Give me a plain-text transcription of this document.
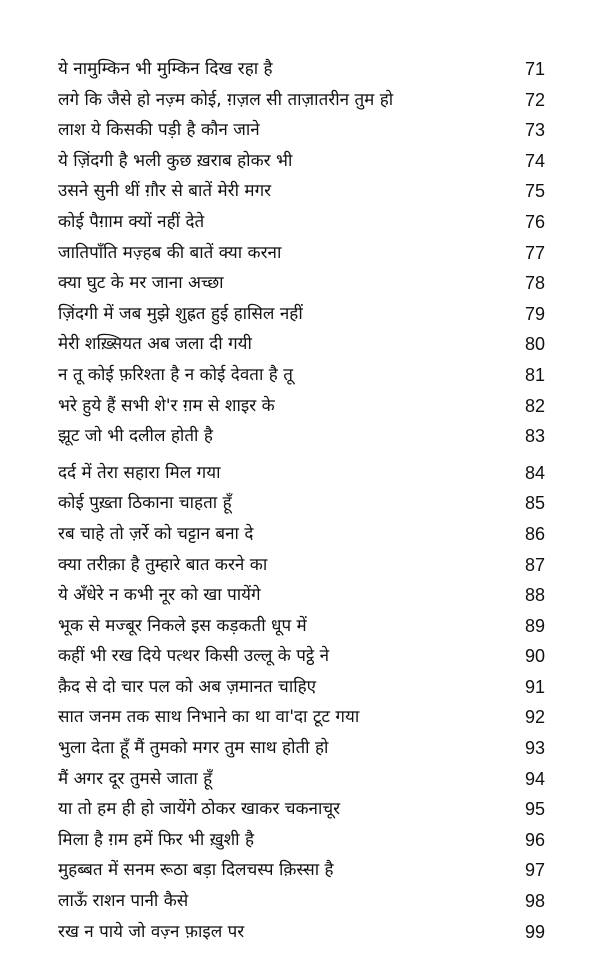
ये नामुम्किन भी मुम्किन दिख रहा है	71
लगे कि जैसे हो नज़्म कोई, ग़ज़ल सी ताज़ातरीन तुम हो	72
लाश ये किसकी पड़ी है कौन जाने	73
ये ज़िंदगी है भली कुछ ख़राब होकर भी	74
उसने सुनी थीं ग़ौर से बातें मेरी मगर	75
कोई पैग़ाम क्यों नहीं देते	76
जातिपाँति मज़्हब की बातें क्या करना	77
क्या घुट के मर जाना अच्छा	78
ज़िंदगी में जब मुझे शुह्रत हुई हासिल नहीं	79
मेरी शख़्सियत अब जला दी गयी	80
न तू कोई फ़रिश्ता है न कोई देवता है तू	81
भरे हुये हैं सभी शे'र ग़म से शाइर के	82
झूट जो भी दलील होती है	83
दर्द में तेरा सहारा मिल गया	84
कोई पुख़्ता ठिकाना चाहता हूँ	85
रब चाहे तो ज़र्रे को चट्टान बना दे	86
क्या तरीक़ा है तुम्हारे बात करने का	87
ये अँधेरे न कभी नूर को खा पायेंगे	88
भूक से मज्बूर निकले इस कड़कती धूप में	89
कहीं भी रख दिये पत्थर किसी उल्लू के पट्ठे ने	90
क़ैद से दो चार पल को अब ज़मानत चाहिए	91
सात जनम तक साथ निभाने का था वा'दा टूट गया	92
भुला देता हूँ मैं तुमको मगर तुम साथ होती हो	93
मैं अगर दूर तुमसे जाता हूँ	94
या तो हम ही हो जायेंगे ठोकर खाकर चकनाचूर	95
मिला है ग़म हमें फिर भी ख़ुशी है	96
मुहब्बत में सनम रूठा बड़ा दिलचस्प क़िस्सा है	97
लाऊँ राशन पानी कैसे	98
रख न पाये जो वज़्न फ़ाइल पर	99
